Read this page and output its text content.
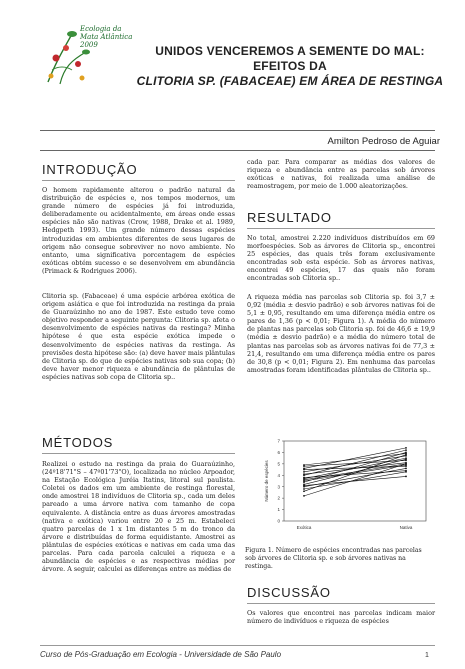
Ecologia da Mata Atlântica 2009	UNIDOS VENCEREMOS A SEMENTE DO MAL: EFEITOS DA
CLITORIA SP. (FABACEAE) EM ÁREA DE RESTINGA
Amilton Pedroso de Aguiar
INTRODUÇÃO
O homem rapidamente alterou o padrão natural da distribuição de espécies e, nos tempos modernos, um grande número de espécies já foi introduzida, deliberadamente ou acidentalmente, em áreas onde essas espécies não são nativas (Crow, 1988, Drake et al. 1989, Hedgpeth 1993). Um grande número dessas espécies introduzidas em ambientes diferentes de seus lugares de origem não consegue sobreviver no novo ambiente. No entanto, uma significativa porcentagem de espécies exóticas obtém sucesso e se desenvolvem em abundância (Primack & Rodrigues 2006).
Clitoria sp. (Fabaceae) é uma espécie arbórea exótica de origem asiática e que foi introduzida na restinga da praia de Guaraúzinho no ano de 1987. Este estudo teve como objetivo responder a seguinte pergunta: Clitoria sp. afeta o desenvolvimento de espécies nativas da restinga? Minha hipótese é que esta espécie exótica impede o desenvolvimento de espécies nativas da restinga. As previsões desta hipótese são: (a) deve haver mais plântulas de Clitoria sp. do que de espécies nativas sob sua copa; (b) deve haver menor riqueza e abundância de plântulas de espécies nativas sob copa de Clitoria sp..
MÉTODOS
Realizei o estudo na restinga da praia do Guaraúzinho, (24º18'71"S – 47º01'73"O), localizada no núcleo Arpoador, na Estação Ecológica Juréia Itatins, litoral sul paulista. Coletei os dados em um ambiente de restinga florestal, onde amostrei 18 indivíduos de Clitoria sp., cada um deles pareado a uma árvore nativa com tamanho de copa equivalente. A distância entre as duas árvores amostradas (nativa e exótica) variou entre 20 e 25 m. Estabeleci quatro parcelas de 1 x 1m distantes 5 m do tronco da árvore e distribuídas de forma equidistante. Amostrei as plântulas de espécies exóticas e nativas em cada uma das parcelas. Para cada parcela calculei a riqueza e a abundância de espécies e as respectivas médias por árvore. A seguir, calculei as diferenças entre as médias de
cada par. Para comparar as médias dos valores de riqueza e abundância entre as parcelas sob árvores exóticas e nativas, foi realizada uma análise de reamostragem, por meio de 1.000 aleatorizações.
RESULTADO
No total, amostrei 2.220 indivíduos distribuídos em 69 morfoespécies. Sob as árvores de Clitoria sp., encontrei 25 espécies, das quais três foram exclusivamente encontradas sob esta espécie. Sob as árvores nativas, encontrei 49 espécies, 17 das quais não foram encontradas sob Clitoria sp..
A riqueza média nas parcelas sob Clitoria sp. foi 3,7 ± 0,92 (média ± desvio padrão) e sob árvores nativas foi de 5,1 ± 0,95, resultando em uma diferença média entre os pares de 1,36 (p < 0,01; Figura 1). A média do número de plantas nas parcelas sob Clitoria sp. foi de 46,6 ± 19,9 (média ± desvio padrão) e a média do número total de plantas nas parcelas sob as árvores nativas foi de 77,3 ± 21,4, resultando em uma diferença média entre os pares de 30,8 (p < 0,01; Figura 2). Em nenhuma das parcelas amostradas foram identificadas plântulas de Clitoria sp..
0
1
2
3
4
5
6
7
Exótica	Nativa
Número de espécies
Figura 1. Número de espécies encontradas nas parcelas sob árvores de Clitoria sp. e sob árvores nativas na restinga.
DISCUSSÃO
Os valores que encontrei nas parcelas indicam maior número de indivíduos e riqueza de espécies
Curso de Pós-Graduação em Ecologia - Universidade de São Paulo	1
